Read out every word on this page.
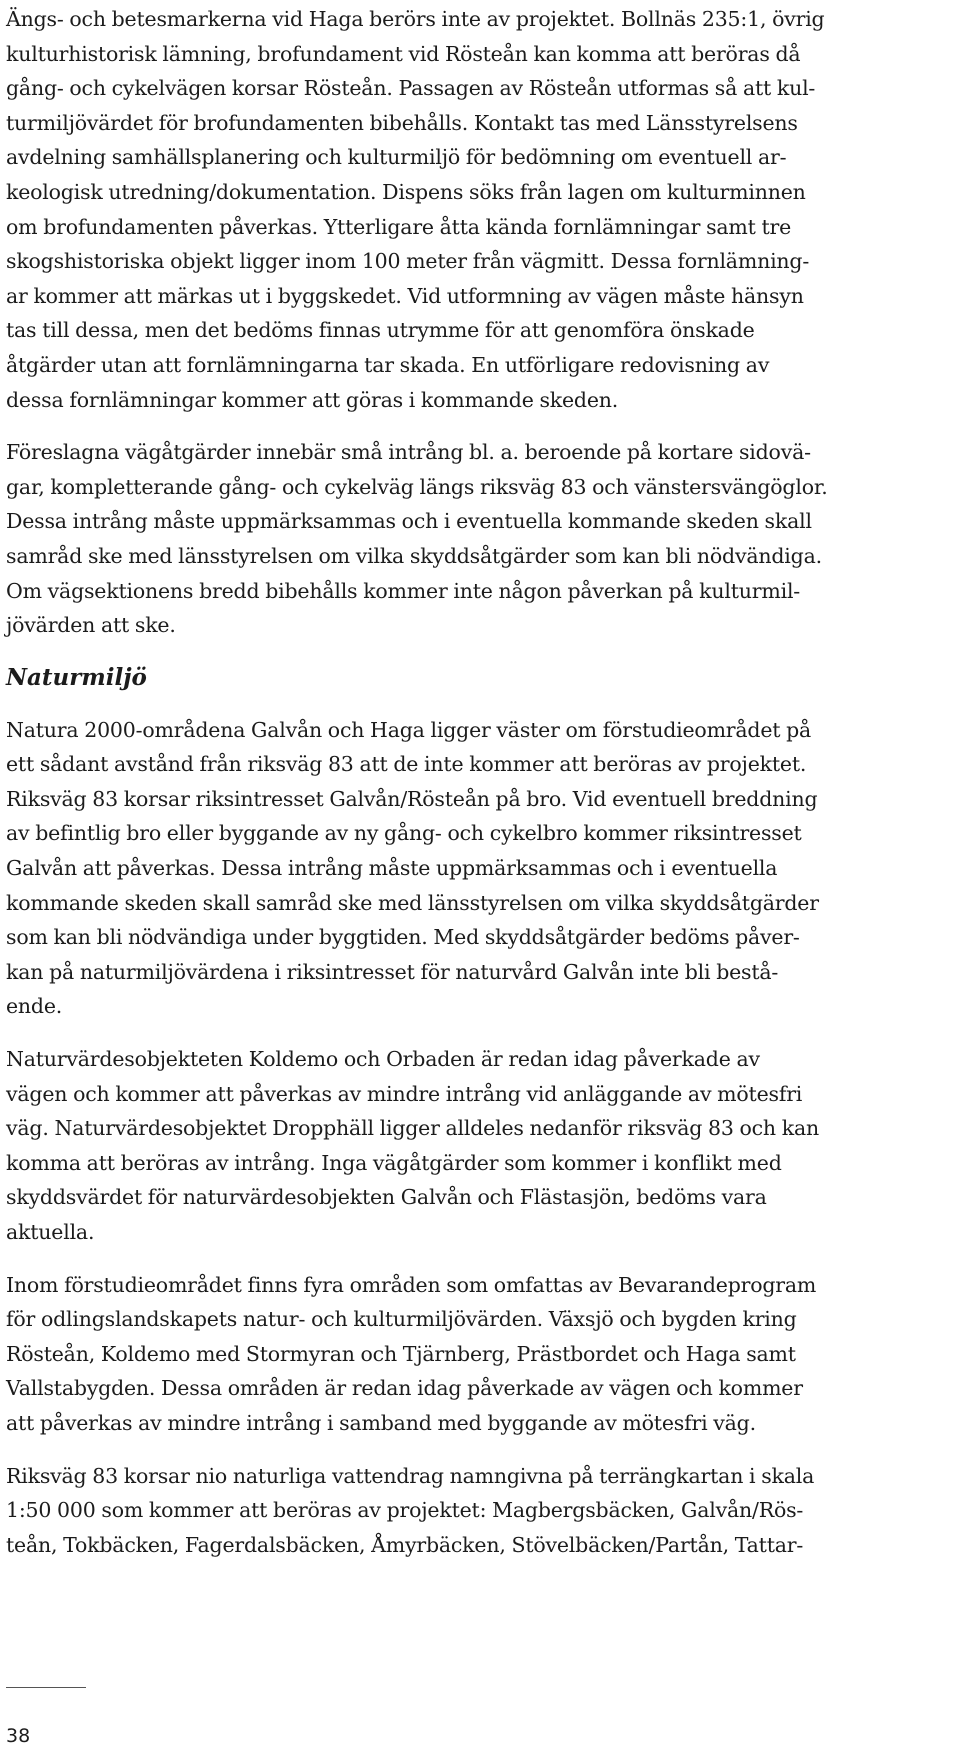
Ängs- och betesmarkerna vid Haga berörs inte av projektet. Bollnäs 235:1, övrig
kulturhistorisk lämning, brofundament vid Rösteån kan komma att beröras då
gång- och cykelvägen korsar Rösteån. Passagen av Rösteån utformas så att kul-
turmiljövärdet för brofundamenten bibehålls. Kontakt tas med Länsstyrelsens
avdelning samhällsplanering och kulturmiljö för bedömning om eventuell ar-
keologisk utredning/dokumentation. Dispens söks från lagen om kulturminnen
om brofundamenten påverkas. Ytterligare åtta kända fornlämningar samt tre
skogshistoriska objekt ligger inom 100 meter från vägmitt. Dessa fornlämning-
ar kommer att märkas ut i byggskedet. Vid utformning av vägen måste hänsyn
tas till dessa, men det bedöms finnas utrymme för att genomföra önskade
åtgärder utan att fornlämningarna tar skada. En utförligare redovisning av
dessa fornlämningar kommer att göras i kommande skeden.

Föreslagna vägåtgärder innebär små intrång bl. a. beroende på kortare sidovä-
gar, kompletterande gång- och cykelväg längs riksväg 83 och vänstersvängöglor.
Dessa intrång måste uppmärksammas och i eventuella kommande skeden skall
samråd ske med länsstyrelsen om vilka skyddsåtgärder som kan bli nödvändiga.
Om vägsektionens bredd bibehålls kommer inte någon påverkan på kulturmil-
jövärden att ske.

Naturmiljö

Natura 2000-områdena Galvån och Haga ligger väster om förstudieområdet på
ett sådant avstånd från riksväg 83 att de inte kommer att beröras av projektet.
Riksväg 83 korsar riksintresset Galvån/Rösteån på bro. Vid eventuell breddning
av befintlig bro eller byggande av ny gång- och cykelbro kommer riksintresset
Galvån att påverkas. Dessa intrång måste uppmärksammas och i eventuella
kommande skeden skall samråd ske med länsstyrelsen om vilka skyddsåtgärder
som kan bli nödvändiga under byggtiden. Med skyddsåtgärder bedöms påver-
kan på naturmiljövärdena i riksintresset för naturvård Galvån inte bli bestå-
ende.

Naturvärdesobjekteten Koldemo och Orbaden är redan idag påverkade av
vägen och kommer att påverkas av mindre intrång vid anläggande av mötesfri
väg. Naturvärdesobjektet Dropphäll ligger alldeles nedanför riksväg 83 och kan
komma att beröras av intrång. Inga vägåtgärder som kommer i konflikt med
skyddsvärdet för naturvärdesobjekten Galvån och Flästasjön, bedöms vara
aktuella.

Inom förstudieområdet finns fyra områden som omfattas av Bevarandeprogram
för odlingslandskapets natur- och kulturmiljövärden. Växsjö och bygden kring
Rösteån, Koldemo med Stormyran och Tjärnberg, Prästbordet och Haga samt
Vallstabygden. Dessa områden är redan idag påverkade av vägen och kommer
att påverkas av mindre intrång i samband med byggande av mötesfri väg.

Riksväg 83 korsar nio naturliga vattendrag namngivna på terrängkartan i skala
1:50 000 som kommer att beröras av projektet: Magbergsbäcken, Galvån/Rös-
teån, Tokbäcken, Fagerdalsbäcken, Åmyrbäcken, Stövelbäcken/Partån, Tattar-

38
